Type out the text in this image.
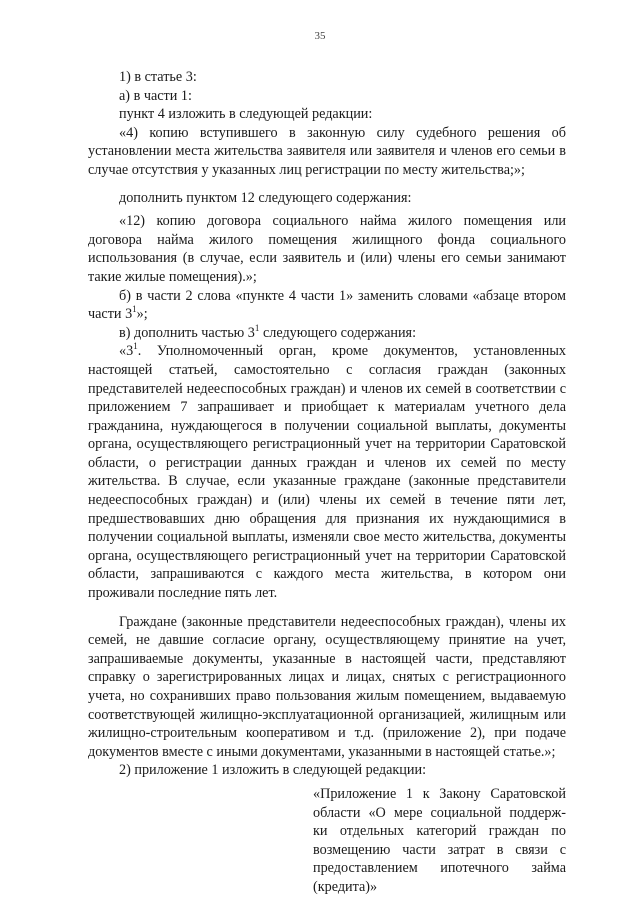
35

1) в статье 3:

а) в части 1:

пункт 4 изложить в следующей редакции:

«4) копию вступившего в законную силу судебного решения об установлении места жительства заявителя или заявителя и членов его семьи в случае отсутствия у указанных лиц регистрации по месту жительства;»;

дополнить пунктом 12 следующего содержания:

«12) копию договора социального найма жилого помещения или договора найма жилого помещения жилищного фонда социального использования (в случае, если заявитель и (или) члены его семьи занимают такие жилые помещения).»;

б) в части 2 слова «пункте 4 части 1» заменить словами «абзаце втором части $3^1$»;

в) дополнить частью $3^1$ следующего содержания:

«$3^1$. Уполномоченный орган, кроме документов, установленных настоящей статьей, самостоятельно с согласия граждан (законных представителей недееспособных граждан) и членов их семей в соответствии с приложением 7 запрашивает и приобщает к материалам учетного дела гражданина, нуждающегося в получении социальной выплаты, документы органа, осуществляющего регистрационный учет на территории Саратовской области, о регистрации данных граждан и членов их семей по месту жительства. В случае, если указанные граждане (законные представители недееспособных граждан) и (или) члены их семей в течение пяти лет, предшествовавших дню обращения для признания их нуждающимися в получении социальной выплаты, изменяли свое место жительства, документы органа, осуществляющего регистрационный учет на территории Саратовской области, запрашиваются с каждого места жительства, в котором они проживали последние пять лет.

Граждане (законные представители недееспособных граждан), члены их семей, не давшие согласие органу, осуществляющему принятие на учет, запрашиваемые документы, указанные в настоящей части, представляют справку о зарегистрированных лицах и лицах, снятых с регистрационного учета, но сохранивших право пользования жилым помещением, выдаваемую соответствующей жилищно-эксплуатационной организацией, жилищным или жилищно-строительным кооперативом и т.д. (приложение 2), при подаче документов вместе с иными документами, указанными в настоящей статье.»;

2) приложение 1 изложить в следующей редакции:

«Приложение 1 к Закону Саратовской
области «О мере социальной поддерж-
ки отдельных категорий граждан по
возмещению части затрат в связи с
предоставлением ипотечного займа
(кредита)»
